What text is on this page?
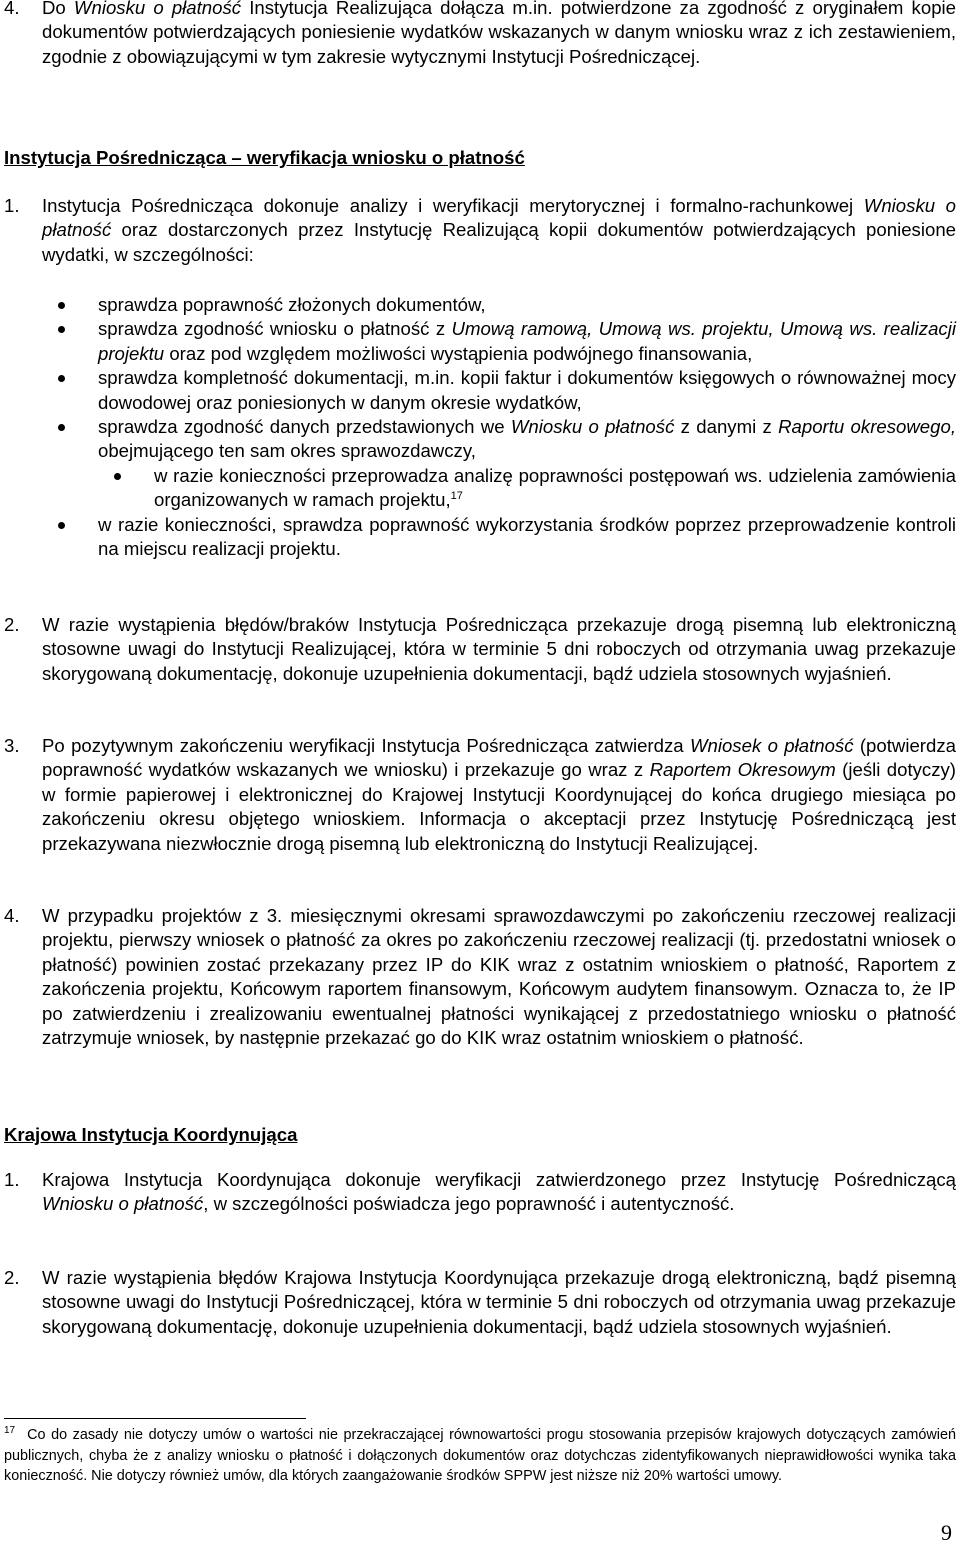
4. Do Wniosku o płatność Instytucja Realizująca dołącza m.in. potwierdzone za zgodność z oryginałem kopie dokumentów potwierdzających poniesienie wydatków wskazanych w danym wniosku wraz z ich zestawieniem, zgodnie z obowiązującymi w tym zakresie wytycznymi Instytucji Pośredniczącej.
Instytucja Pośrednicząca – weryfikacja wniosku o płatność
1. Instytucja Pośrednicząca dokonuje analizy i weryfikacji merytorycznej i formalno-rachunkowej Wniosku o płatność oraz dostarczonych przez Instytucję Realizującą kopii dokumentów potwierdzających poniesione wydatki, w szczególności:
sprawdza poprawność złożonych dokumentów,
sprawdza zgodność wniosku o płatność z Umową ramową, Umową ws. projektu, Umową ws. realizacji projektu oraz pod względem możliwości wystąpienia podwójnego finansowania,
sprawdza kompletność dokumentacji, m.in. kopii faktur i dokumentów księgowych o równoważnej mocy dowodowej oraz poniesionych w danym okresie wydatków,
sprawdza zgodność danych przedstawionych we Wniosku o płatność z danymi z Raportu okresowego, obejmującego ten sam okres sprawozdawczy,
w razie konieczności przeprowadza analizę poprawności postępowań ws. udzielenia zamówienia organizowanych w ramach projektu,$^{17}$
w razie konieczności, sprawdza poprawność wykorzystania środków poprzez przeprowadzenie kontroli na miejscu realizacji projektu.
2. W razie wystąpienia błędów/braków Instytucja Pośrednicząca przekazuje drogą pisemną lub elektroniczną stosowne uwagi do Instytucji Realizującej, która w terminie 5 dni roboczych od otrzymania uwag przekazuje skorygowaną dokumentację, dokonuje uzupełnienia dokumentacji, bądź udziela stosownych wyjaśnień.
3. Po pozytywnym zakończeniu weryfikacji Instytucja Pośrednicząca zatwierdza Wniosek o płatność (potwierdza poprawność wydatków wskazanych we wniosku) i przekazuje go wraz z Raportem Okresowym (jeśli dotyczy) w formie papierowej i elektronicznej do Krajowej Instytucji Koordynującej do końca drugiego miesiąca po zakończeniu okresu objętego wnioskiem. Informacja o akceptacji przez Instytucję Pośredniczącą jest przekazywana niezwłocznie drogą pisemną lub elektroniczną do Instytucji Realizującej.
4. W przypadku projektów z 3. miesięcznymi okresami sprawozdawczymi po zakończeniu rzeczowej realizacji projektu, pierwszy wniosek o płatność za okres po zakończeniu rzeczowej realizacji (tj. przedostatni wniosek o płatność) powinien zostać przekazany przez IP do KIK wraz z ostatnim wnioskiem o płatność, Raportem z zakończenia projektu, Końcowym raportem finansowym, Końcowym audytem finansowym. Oznacza to, że IP po zatwierdzeniu i zrealizowaniu ewentualnej płatności wynikającej z przedostatniego wniosku o płatność zatrzymuje wniosek, by następnie przekazać go do KIK wraz ostatnim wnioskiem o płatność.
Krajowa Instytucja Koordynująca
1. Krajowa Instytucja Koordynująca dokonuje weryfikacji zatwierdzonego przez Instytucję Pośredniczącą Wniosku o płatność, w szczególności poświadcza jego poprawność i autentyczność.
2. W razie wystąpienia błędów Krajowa Instytucja Koordynująca przekazuje drogą elektroniczną, bądź pisemną stosowne uwagi do Instytucji Pośredniczącej, która w terminie 5 dni roboczych od otrzymania uwag przekazuje skorygowaną dokumentację, dokonuje uzupełnienia dokumentacji, bądź udziela stosownych wyjaśnień.
$^{17}$ Co do zasady nie dotyczy umów o wartości nie przekraczającej równowartości progu stosowania przepisów krajowych dotyczących zamówień publicznych, chyba że z analizy wniosku o płatność i dołączonych dokumentów oraz dotychczas zidentyfikowanych nieprawidłowości wynika taka konieczność. Nie dotyczy również umów, dla których zaangażowanie środków SPPW jest niższe niż 20% wartości umowy.
9
